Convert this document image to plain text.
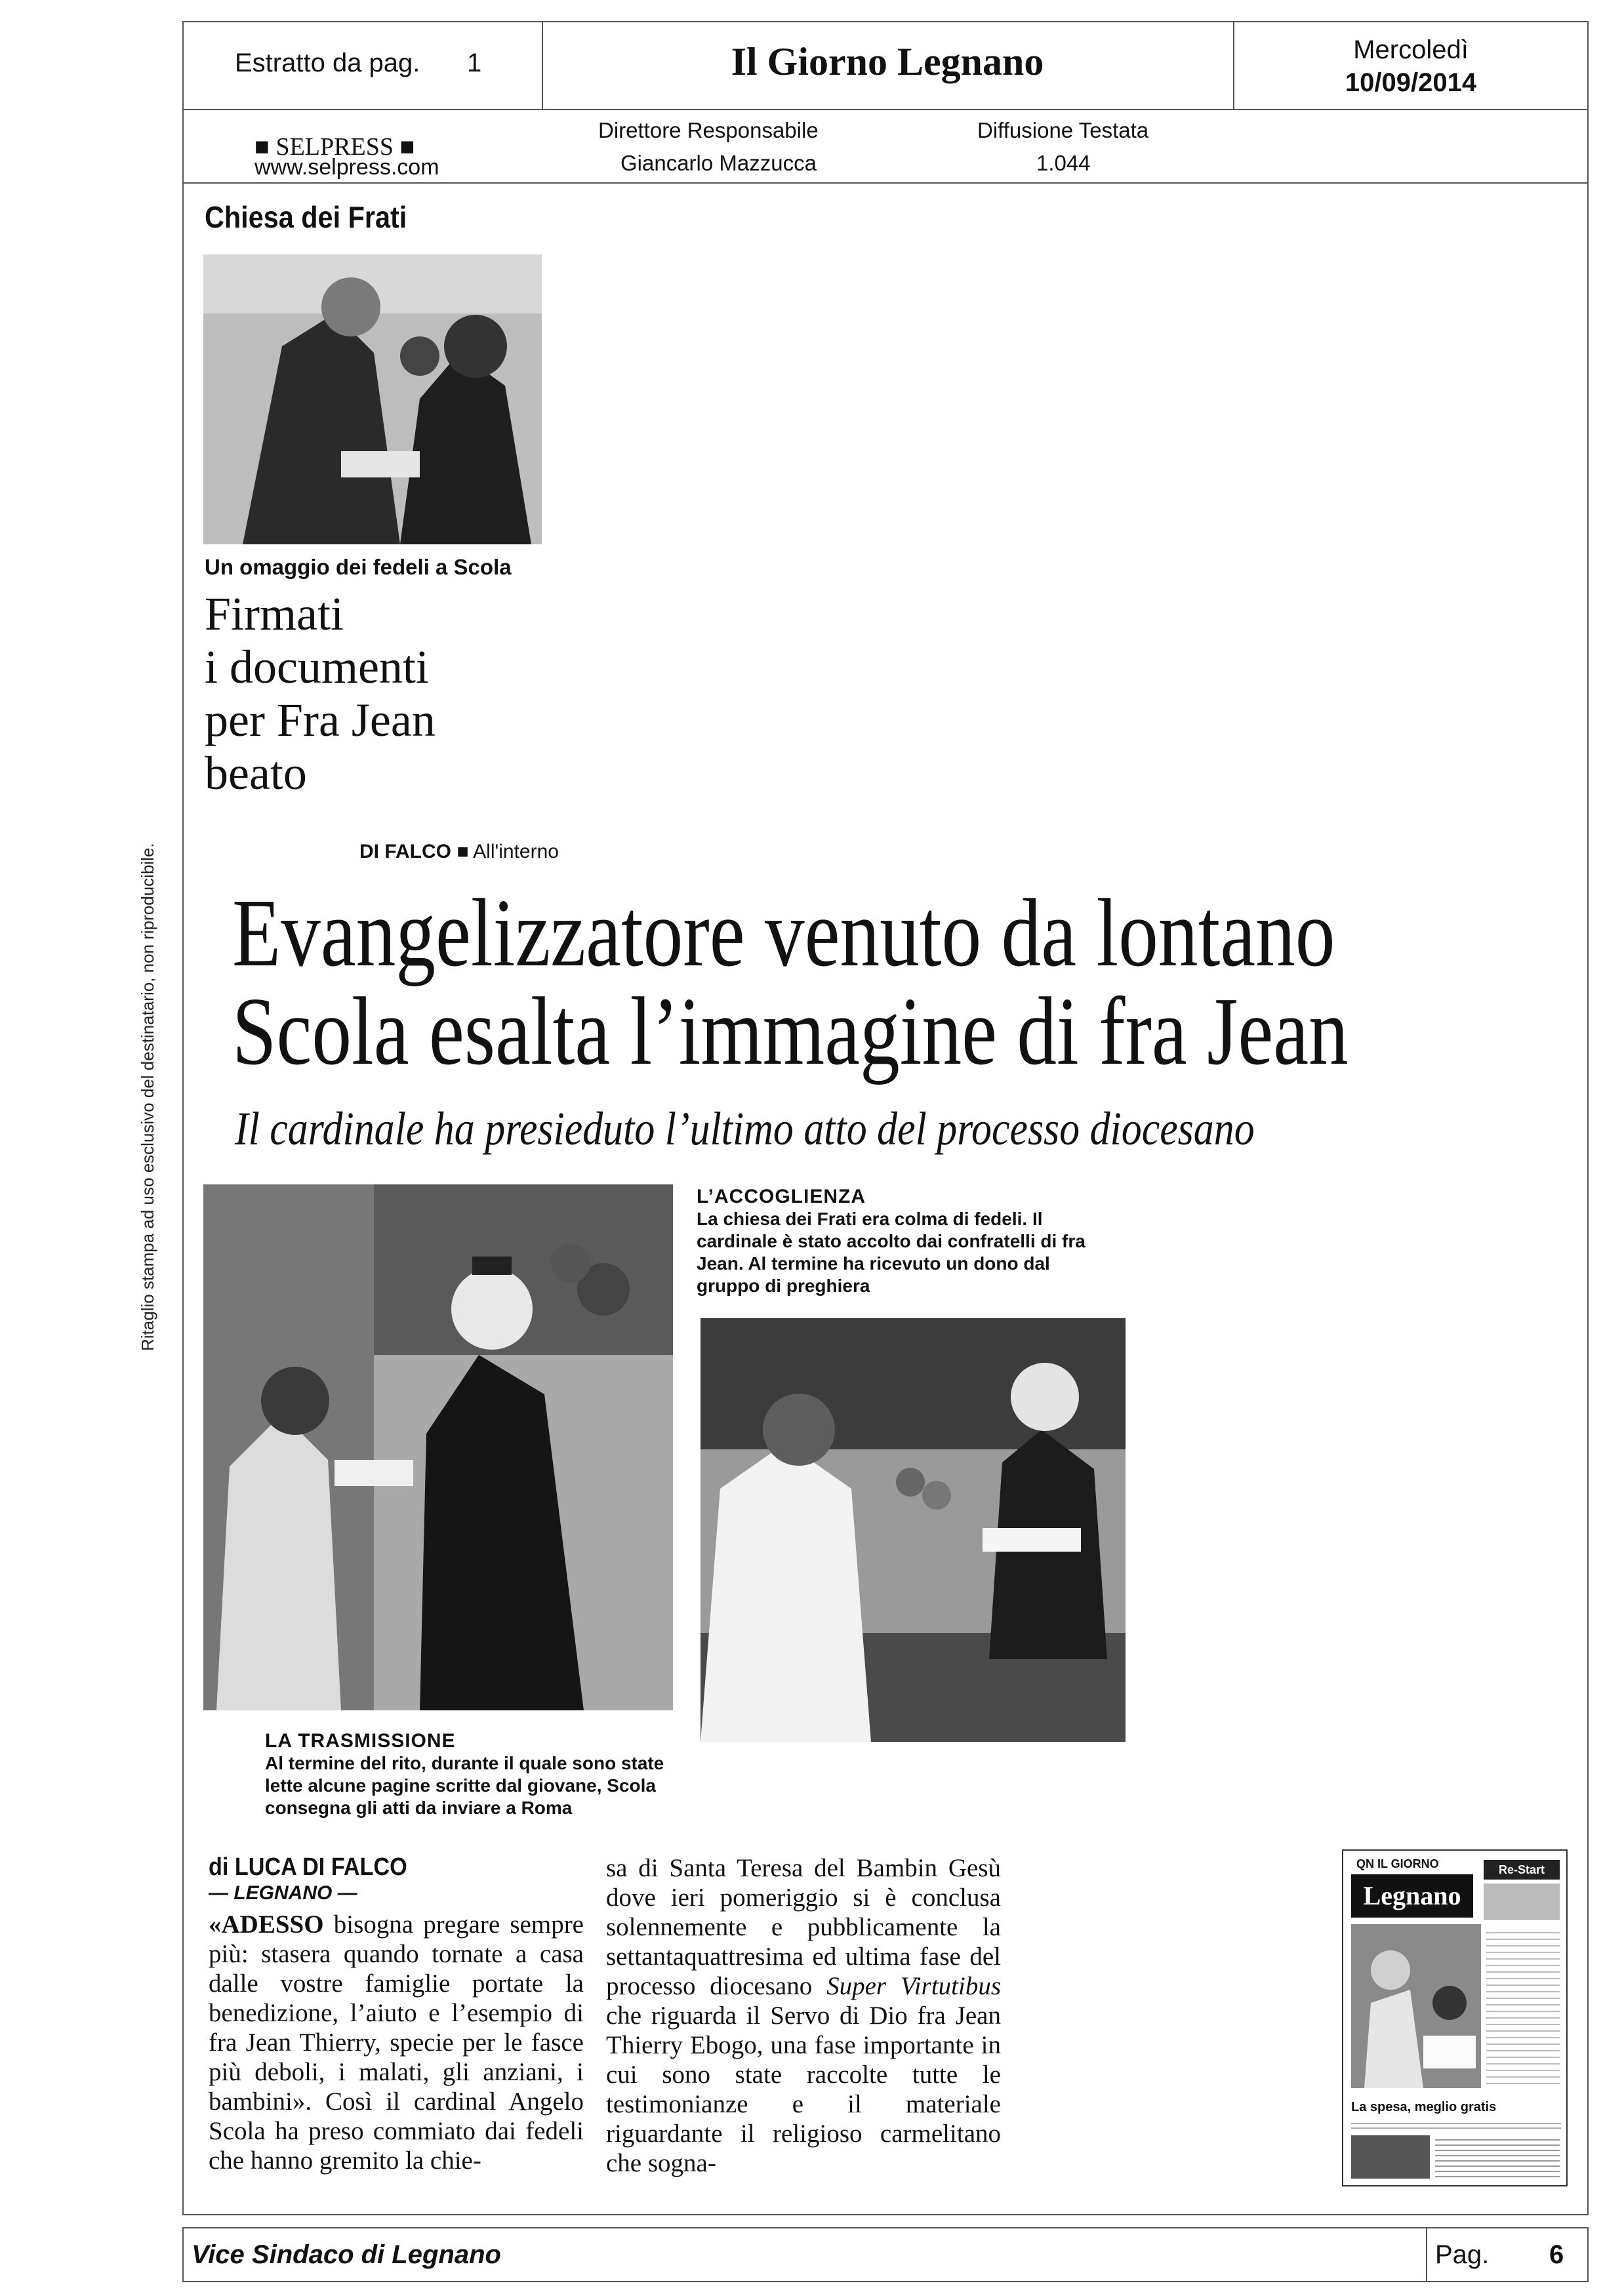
Estratto da pag. 1	Il Giorno Legnano	Mercoledì
10/09/2014
■ SELPRESS ■
www.selpress.com
Direttore Responsabile
Giancarlo Mazzucca
Diffusione Testata
1.044
Ritaglio stampa ad uso esclusivo del destinatario, non riproducibile.
Chiesa dei Frati
Un omaggio dei fedeli a Scola
Firmati
i documenti
per Fra Jean
beato
DI FALCO ■ All'interno
Evangelizzatore venuto da lontano
Scola esalta l’immagine di fra Jean
Il cardinale ha presieduto l’ultimo atto del processo diocesano
L’ACCOGLIENZA
La chiesa dei Frati era colma di fedeli. Il cardinale è stato accolto dai confratelli di fra Jean. Al termine ha ricevuto un dono dal gruppo di preghiera
LA TRASMISSIONE
Al termine del rito, durante il quale sono state lette alcune pagine scritte dal giovane, Scola consegna gli atti da inviare a Roma
di LUCA DI FALCO
— LEGNANO —

«ADESSO bisogna pregare sempre più: stasera quando tornate a casa dalle vostre famiglie portate la benedizione, l’aiuto e l’esempio di fra Jean Thierry, specie per le fasce più deboli, i malati, gli anziani, i bambini». Così il cardinal Angelo Scola ha preso commiato dai fedeli che hanno gremito la chie-

sa di Santa Teresa del Bambin Gesù dove ieri pomeriggio si è conclusa solennemente e pubblicamente la settantaquattresima ed ultima fase del processo diocesano Super Virtutibus che riguarda il Servo di Dio fra Jean Thierry Ebogo, una fase importante in cui sono state raccolte tutte le testimonianze e il materiale riguardante il religioso carmelitano che sogna-

QN IL GIORNO
Legnano
Re-Start
La spesa, meglio gratis
Vice Sindaco di Legnano	Pag. 6
